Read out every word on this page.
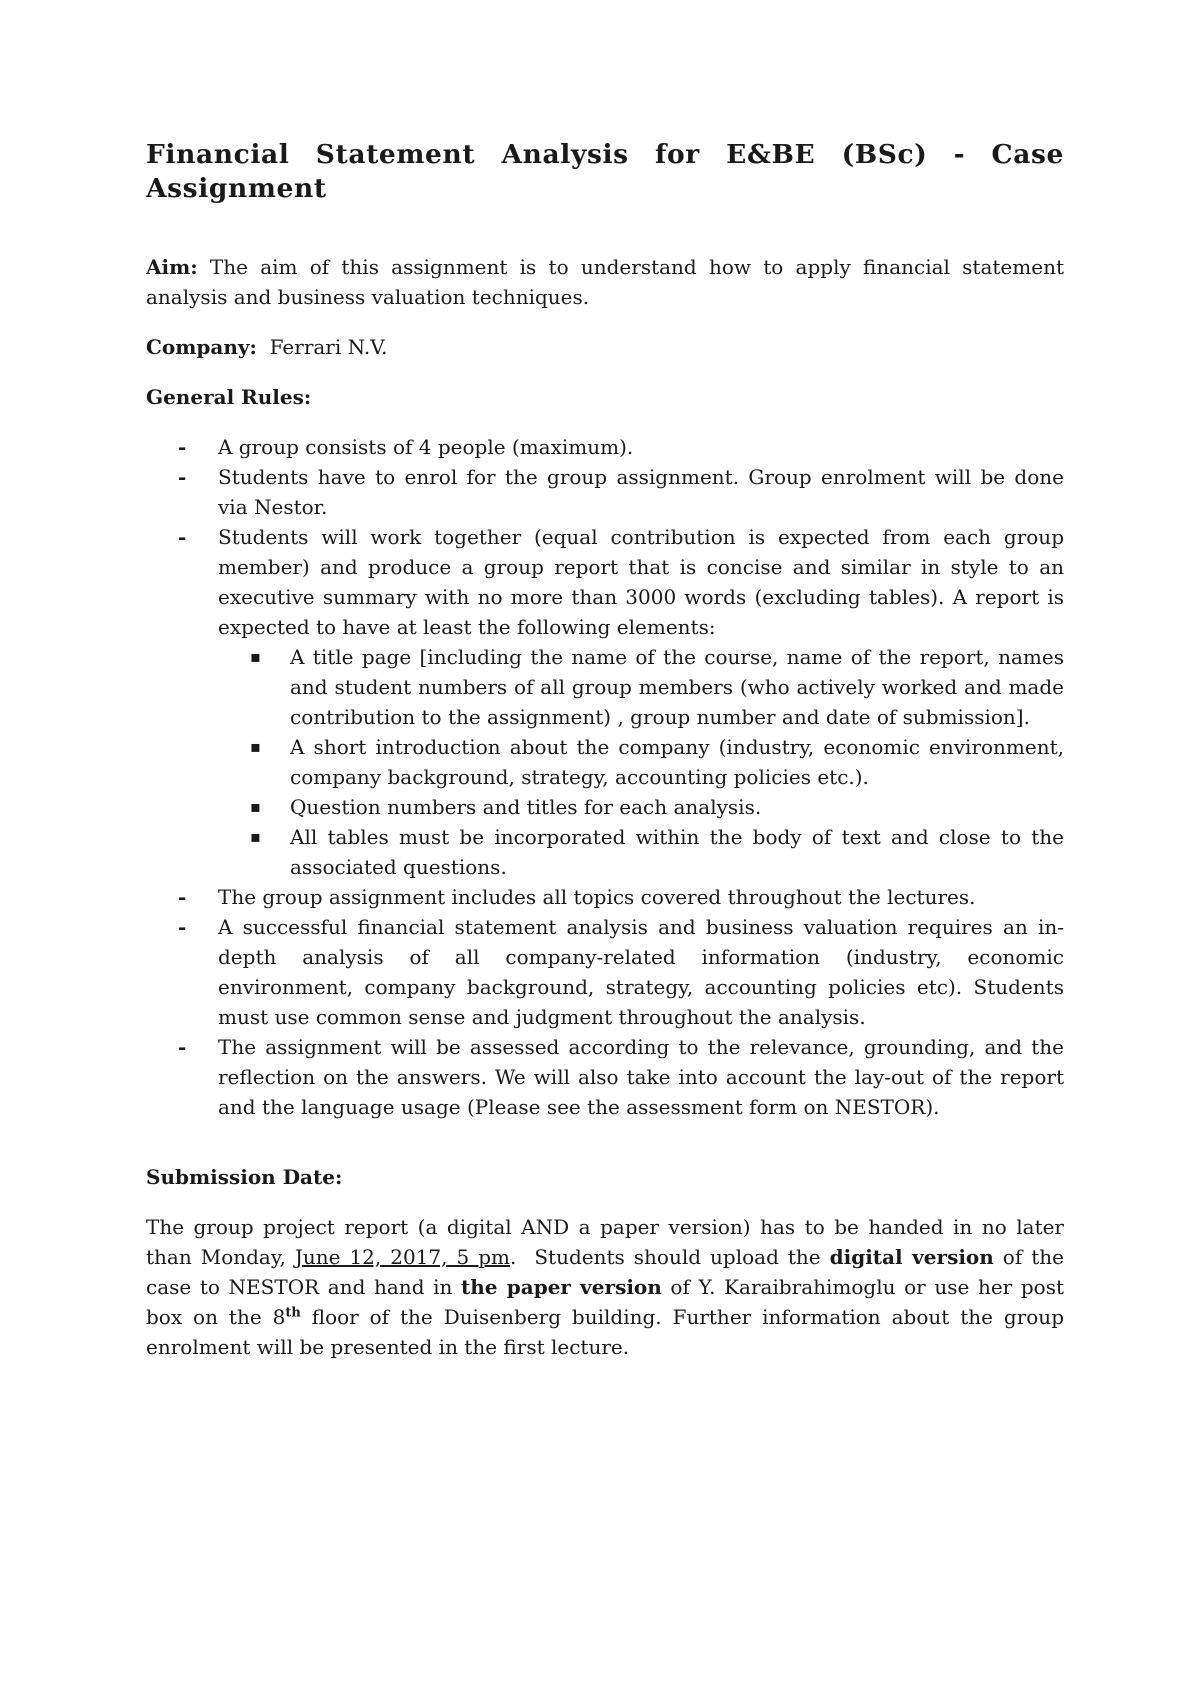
Financial Statement Analysis for E&BE (BSc) - Case Assignment

Aim: The aim of this assignment is to understand how to apply financial statement analysis and business valuation techniques.

Company:  Ferrari N.V.

General Rules:

- A group consists of 4 people (maximum).
- Students have to enrol for the group assignment. Group enrolment will be done via Nestor.
- Students will work together (equal contribution is expected from each group member) and produce a group report that is concise and similar in style to an executive summary with no more than 3000 words (excluding tables). A report is expected to have at least the following elements:
▪ A title page [including the name of the course, name of the report, names and student numbers of all group members (who actively worked and made contribution to the assignment) , group number and date of submission].
▪ A short introduction about the company (industry, economic environment, company background, strategy, accounting policies etc.).
▪ Question numbers and titles for each analysis.
▪ All tables must be incorporated within the body of text and close to the associated questions.
- The group assignment includes all topics covered throughout the lectures.
- A successful financial statement analysis and business valuation requires an in-depth analysis of all company-related information (industry, economic environment, company background, strategy, accounting policies etc). Students must use common sense and judgment throughout the analysis.
- The assignment will be assessed according to the relevance, grounding, and the reflection on the answers. We will also take into account the lay-out of the report and the language usage (Please see the assessment form on NESTOR).

Submission Date:

The group project report (a digital AND a paper version) has to be handed in no later than Monday, June 12, 2017, 5 pm.  Students should upload the digital version of the case to NESTOR and hand in the paper version of Y. Karaibrahimoglu or use her post box on the 8th floor of the Duisenberg building. Further information about the group enrolment will be presented in the first lecture.
